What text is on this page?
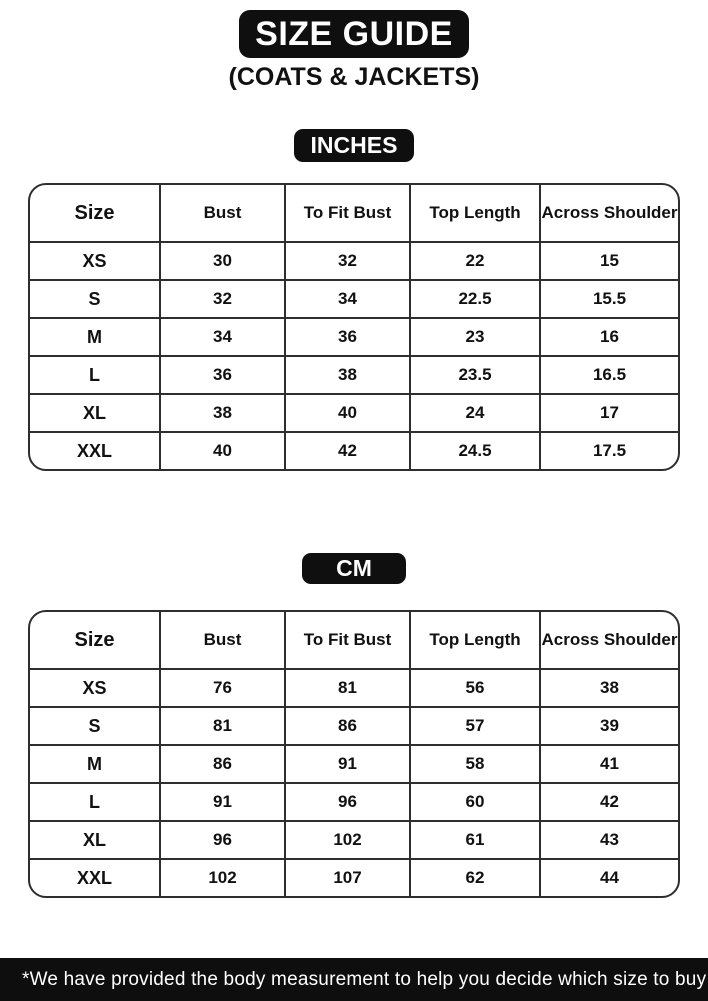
SIZE GUIDE
(COATS & JACKETS)
INCHES
Size	Bust	To Fit Bust	Top Length	Across Shoulder
XS	30	32	22	15
S	32	34	22.5	15.5
M	34	36	23	16
L	36	38	23.5	16.5
XL	38	40	24	17
XXL	40	42	24.5	17.5
CM
Size	Bust	To Fit Bust	Top Length	Across Shoulder
XS	76	81	56	38
S	81	86	57	39
M	86	91	58	41
L	91	96	60	42
XL	96	102	61	43
XXL	102	107	62	44
*We have provided the body measurement to help you decide which size to buy
